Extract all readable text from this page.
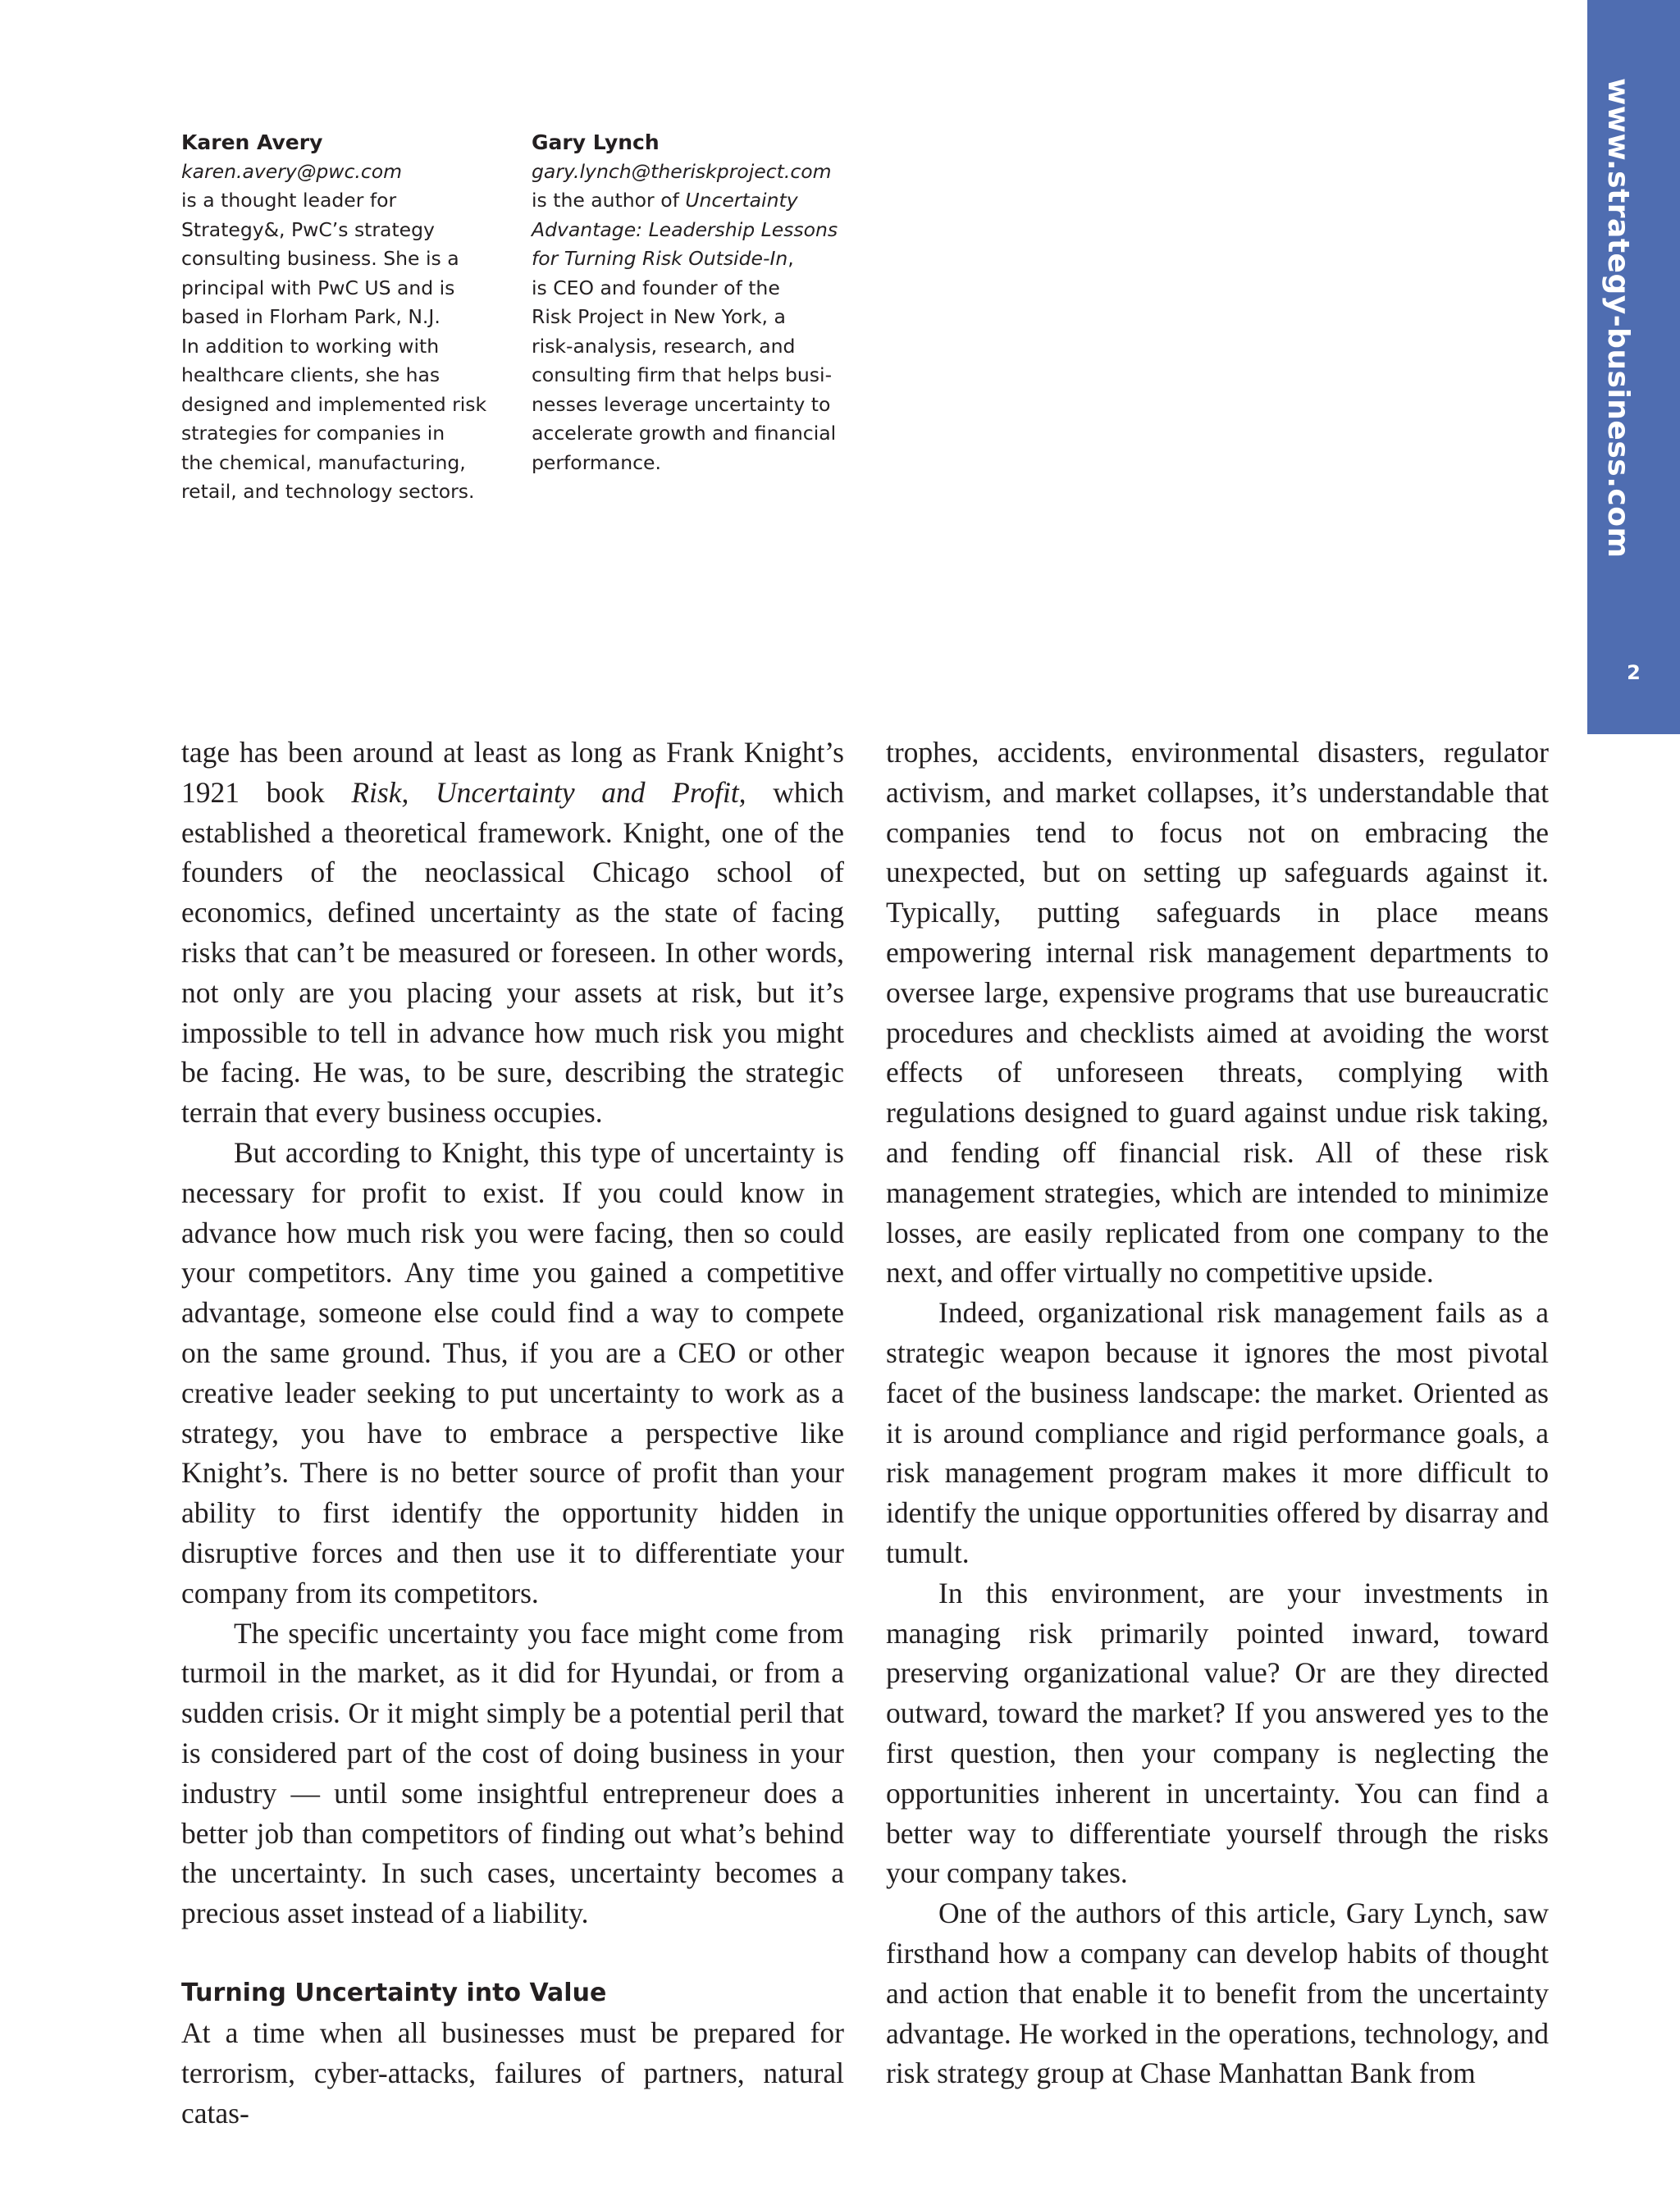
www.strategy-business.com
2
Karen Avery
karen.avery@pwc.com
is a thought leader for
Strategy&, PwC’s strategy
consulting business. She is a
principal with PwC US and is
based in Florham Park, N.J.
In addition to working with
healthcare clients, she has
designed and implemented risk
strategies for companies in
the chemical, manufacturing,
retail, and technology sectors.
Gary Lynch
gary.lynch@theriskproject.com
is the author of Uncertainty
Advantage: Leadership Lessons
for Turning Risk Outside-In,
is CEO and founder of the
Risk Project in New York, a
risk-analysis, research, and
consulting firm that helps busi-
nesses leverage uncertainty to
accelerate growth and financial
performance.

tage has been around at least as long as Frank Knight’s 1921 book Risk, Uncertainty and Profit, which established a theoretical framework. Knight, one of the founders of the neoclassical Chicago school of economics, defined uncertainty as the state of facing risks that can’t be measured or foreseen. In other words, not only are you placing your assets at risk, but it’s impossible to tell in advance how much risk you might be facing. He was, to be sure, describing the strategic terrain that every business occupies.

But according to Knight, this type of uncertainty is necessary for profit to exist. If you could know in advance how much risk you were facing, then so could your competitors. Any time you gained a competitive advantage, someone else could find a way to compete on the same ground. Thus, if you are a CEO or other creative leader seeking to put uncertainty to work as a strategy, you have to embrace a perspective like Knight’s. There is no better source of profit than your ability to first identify the opportunity hidden in disruptive forces and then use it to differentiate your company from its competitors.

The specific uncertainty you face might come from turmoil in the market, as it did for Hyundai, or from a sudden crisis. Or it might simply be a potential peril that is considered part of the cost of doing business in your industry — until some insightful entrepreneur does a better job than competitors of finding out what’s behind the uncertainty. In such cases, uncertainty becomes a precious asset instead of a liability.

Turning Uncertainty into Value

At a time when all businesses must be prepared for terrorism, cyber-attacks, failures of partners, natural catas-

trophes, accidents, environmental disasters, regulator activism, and market collapses, it’s understandable that companies tend to focus not on embracing the unexpected, but on setting up safeguards against it. Typically, putting safeguards in place means empowering internal risk management departments to oversee large, expensive programs that use bureaucratic procedures and checklists aimed at avoiding the worst effects of unforeseen threats, complying with regulations designed to guard against undue risk taking, and fending off financial risk. All of these risk management strategies, which are intended to minimize losses, are easily replicated from one company to the next, and offer virtually no competitive upside.

Indeed, organizational risk management fails as a strategic weapon because it ignores the most pivotal facet of the business landscape: the market. Oriented as it is around compliance and rigid performance goals, a risk management program makes it more difficult to identify the unique opportunities offered by disarray and tumult.

In this environment, are your investments in managing risk primarily pointed inward, toward preserving organizational value? Or are they directed outward, toward the market? If you answered yes to the first question, then your company is neglecting the opportunities inherent in uncertainty. You can find a better way to differentiate yourself through the risks your company takes.

One of the authors of this article, Gary Lynch, saw firsthand how a company can develop habits of thought and action that enable it to benefit from the uncertainty advantage. He worked in the operations, technology, and risk strategy group at Chase Manhattan Bank from
